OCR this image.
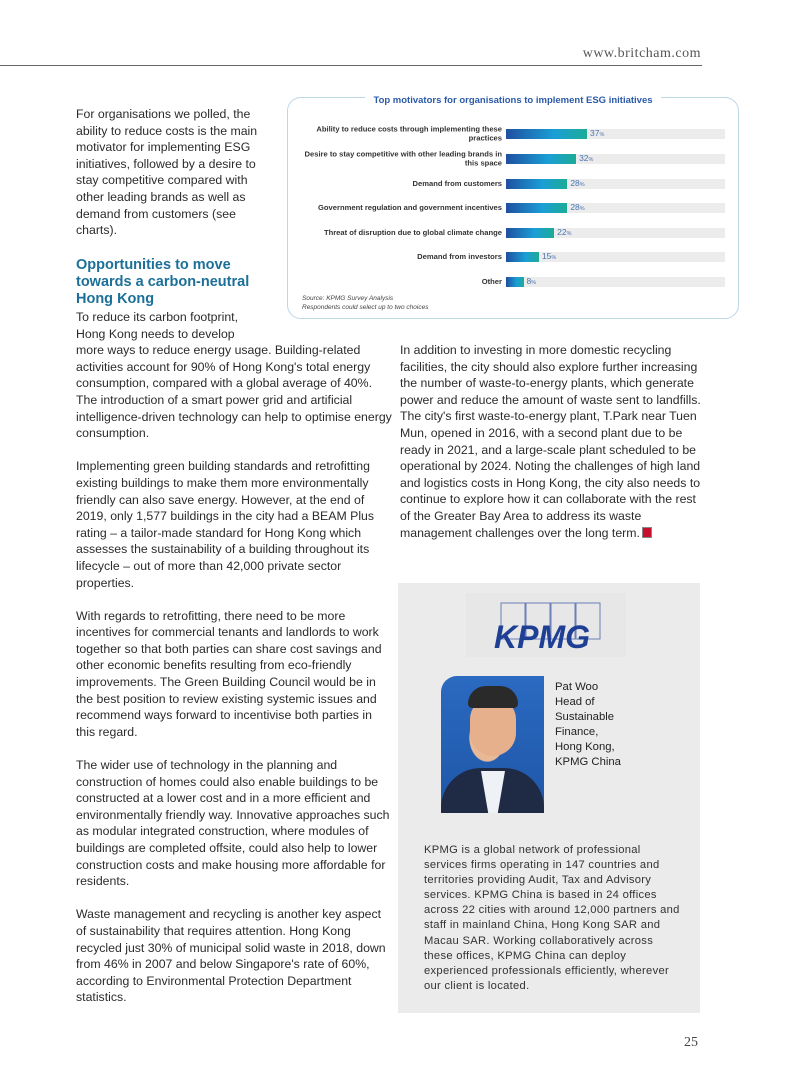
www.britcham.com
For organisations we polled, the ability to reduce costs is the main motivator for implementing ESG initiatives, followed by a desire to stay competitive compared with other leading brands as well as demand from customers (see charts).
Opportunities to move towards a carbon-neutral Hong Kong

To reduce its carbon footprint, Hong Kong needs to develop more ways to reduce energy usage. Building-related activities account for 90% of Hong Kong's total energy consumption, compared with a global average of 40%. The introduction of a smart power grid and artificial intelligence-driven technology can help to optimise energy consumption.

Implementing green building standards and retrofitting existing buildings to make them more environmentally friendly can also save energy. However, at the end of 2019, only 1,577 buildings in the city had a BEAM Plus rating – a tailor-made standard for Hong Kong which assesses the sustainability of a building throughout its lifecycle – out of more than 42,000 private sector properties.

With regards to retrofitting, there need to be more incentives for commercial tenants and landlords to work together so that both parties can share cost savings and other economic benefits resulting from eco-friendly improvements. The Green Building Council would be in the best position to review existing systemic issues and recommend ways forward to incentivise both parties in this regard.

The wider use of technology in the planning and construction of homes could also enable buildings to be constructed at a lower cost and in a more efficient and environmentally friendly way. Innovative approaches such as modular integrated construction, where modules of buildings are completed offsite, could also help to lower construction costs and make housing more affordable for residents.

Waste management and recycling is another key aspect of sustainability that requires attention. Hong Kong recycled just 30% of municipal solid waste in 2018, down from 46% in 2007 and below Singapore's rate of 60%, according to Environmental Protection Department statistics.

In addition to investing in more domestic recycling facilities, the city should also explore further increasing the number of waste-to-energy plants, which generate power and reduce the amount of waste sent to landfills. The city's first waste-to-energy plant, T.Park near Tuen Mun, opened in 2016, with a second plant due to be ready in 2021, and a large-scale plant scheduled to be operational by 2024. Noting the challenges of high land and logistics costs in Hong Kong, the city also needs to continue to explore how it can collaborate with the rest of the Greater Bay Area to address its waste management challenges over the long term.
Top motivators for organisations to implement ESG initiatives
Ability to reduce costs through implementing these practices	37%
Desire to stay competitive with other leading brands in this space	32%
Demand from customers	28%
Government regulation and government incentives	28%
Threat of disruption due to global climate change	22%
Demand from investors	15%
Other	8%
Source: KPMG Survey Analysis
Respondents could select up to two choices
KPMG
Pat Woo
Head of
Sustainable
Finance,
Hong Kong,
KPMG China
KPMG is a global network of professional services firms operating in 147 countries and territories providing Audit, Tax and Advisory services. KPMG China is based in 24 offices across 22 cities with around 12,000 partners and staff in mainland China, Hong Kong SAR and Macau SAR. Working collaboratively across these offices, KPMG China can deploy experienced professionals efficiently, wherever our client is located.
25
